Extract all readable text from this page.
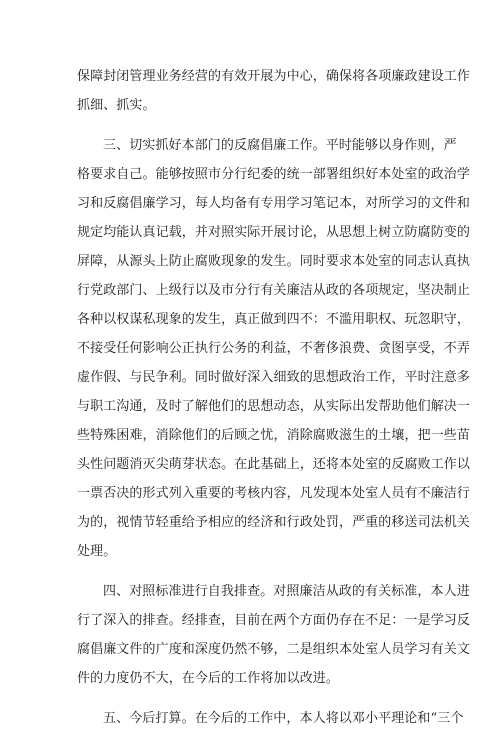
保障封闭管理业务经营的有效开展为中心，确保将各项廉政建设工作
抓细、抓实。
三、切实抓好本部门的反腐倡廉工作。平时能够以身作则，严
格要求自己。能够按照市分行纪委的统一部署组织好本处室的政治学
习和反腐倡廉学习，每人均备有专用学习笔记本，对所学习的文件和
规定均能认真记载，并对照实际开展讨论，从思想上树立防腐防变的
屏障，从源头上防止腐败现象的发生。同时要求本处室的同志认真执
行党政部门、上级行以及市分行有关廉洁从政的各项规定，坚决制止
各种以权谋私现象的发生，真正做到四不：不滥用职权、玩忽职守，
不接受任何影响公正执行公务的利益，不奢侈浪费、贪图享受，不弄
虚作假、与民争利。同时做好深入细致的思想政治工作，平时注意多
与职工沟通，及时了解他们的思想动态，从实际出发帮助他们解决一
些特殊困难，消除他们的后顾之忧，消除腐败滋生的土壤，把一些苗
头性问题消灭尖萌芽状态。在此基础上，还将本处室的反腐败工作以
一票否决的形式列入重要的考核内容，凡发现本处室人员有不廉洁行
为的，视情节轻重给予相应的经济和行政处罚，严重的移送司法机关
处理。
四、对照标准进行自我排查。对照廉洁从政的有关标准，本人进
行了深入的排查。经排查，目前在两个方面仍存在不足：一是学习反
腐倡廉文件的广度和深度仍然不够，二是组织本处室人员学习有关文
件的力度仍不大，在今后的工作将加以改进。
五、今后打算。在今后的工作中，本人将以邓小平理论和“三个
